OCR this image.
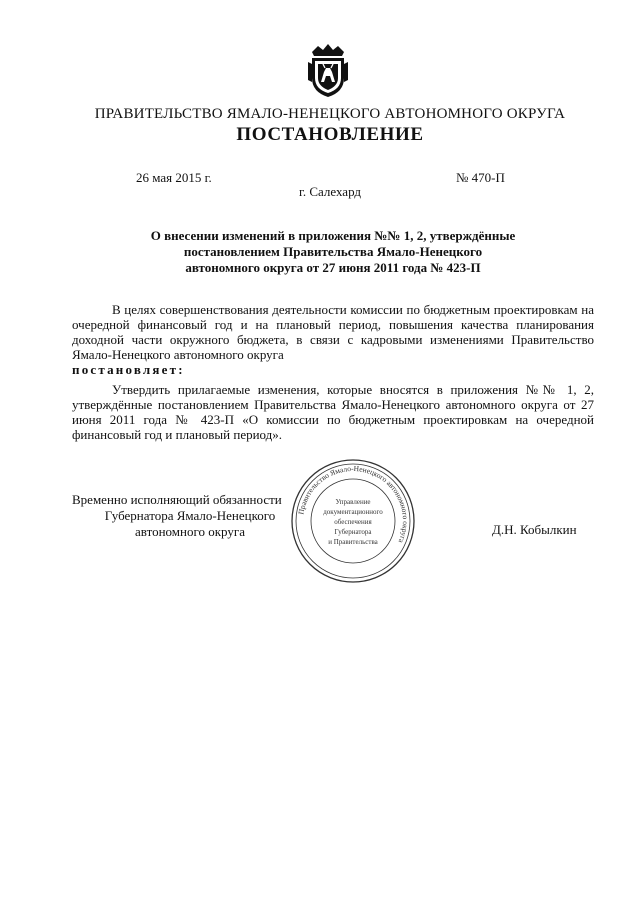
ПРАВИТЕЛЬСТВО ЯМАЛО-НЕНЕЦКОГО АВТОНОМНОГО ОКРУГА
ПОСТАНОВЛЕНИЕ
26 мая 2015 г.	№ 470-П
г. Салехард
О внесении изменений в приложения №№ 1, 2, утверждённые
постановлением Правительства Ямало-Ненецкого
автономного округа от 27 июня 2011 года № 423-П
В целях совершенствования деятельности комиссии по бюджетным проектировкам на очередной финансовый год и на плановый период, повышения качества планирования доходной части окружного бюджета, в связи с кадровыми изменениями Правительство Ямало-Ненецкого автономного округа
постановляет:
Утвердить прилагаемые изменения, которые вносятся в приложения №№ 1, 2, утверждённые постановлением Правительства Ямало-Ненецкого автономного округа от 27 июня 2011 года № 423-П «О комиссии по бюджетным проектировкам на очередной финансовый год и плановый период».
Временно исполняющий обязанности
Губернатора Ямало-Ненецкого
автономного округа
Правительство Ямало-Ненецкого автономного округа
Управление
документационного
обеспечения
Губернатора
и Правительства
Д.Н. Кобылкин
